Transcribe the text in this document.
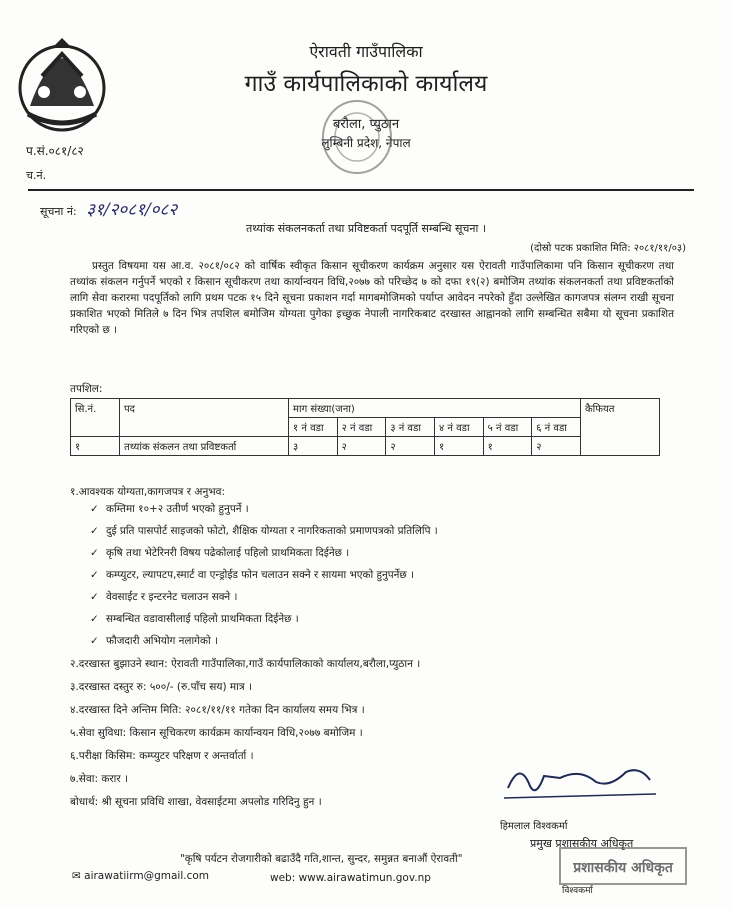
ऐरावती गाउँपालिका
गाउँ कार्यपालिकाको कार्यालय
बरौला, प्युठान
लुम्बिनी प्रदेश, नेपाल
प.सं.०८१/८२
च.नं.
सूचना नं: ३१/२०८१/०८२
तथ्यांक संकलनकर्ता तथा प्रविष्टकर्ता पदपूर्ति सम्बन्धि सूचना ।
(दोस्रो पटक प्रकाशित मिति: २०८१/११/०३)
प्रस्तुत विषयमा यस आ.व. २०८१/०८२ को वार्षिक स्वीकृत किसान सूचीकरण कार्यक्रम अनुसार यस ऐरावती गाउँपालिकामा पनि किसान सूचीकरण तथा तथ्यांक संकलन गर्नुपर्ने भएको र किसान सूचीकरण तथा कार्यान्वयन विधि,२०७७ को परिच्छेद ७ को दफा १९(२) बमोजिम तथ्यांक संकलनकर्ता तथा प्रविष्टकर्ताको लागि सेवा करारमा पदपूर्तिको लागि प्रथम पटक १५ दिने सूचना प्रकाशन गर्दा मागबमोजिमको पर्याप्त आवेदन नपरेको हुँदा उल्लेखित कागजपत्र संलग्न राखी सूचना प्रकाशित भएको मितिले ७ दिन भित्र तपशिल बमोजिम योग्यता पुगेका इच्छुक नेपाली नागरिकबाट दरखास्त आह्वानको लागि सम्बन्धित सबैमा यो सूचना प्रकाशित गरिएको छ ।
तपशिल:
सि.नं.	पद	माग संख्या(जना)						कैफियत
		१ नं वडा	२ नं वडा	३ नं वडा	४ नं वडा	५ नं वडा	६ नं वडा	
१	तथ्यांक संकलन तथा प्रविष्टकर्ता	३	२	२	१	१	२	
१.आवश्यक योग्यता,कागजपत्र र अनुभव:
✓ कम्तिमा १०+२ उतीर्ण भएको हुनुपर्ने ।
✓ दुई प्रति पासपोर्ट साइजको फोटो, शैक्षिक योग्यता र नागरिकताको प्रमाणपत्रको प्रतिलिपि ।
✓ कृषि तथा भेटेरिनरी विषय पढेकोलाई पहिलो प्राथमिकता दिईनेछ ।
✓ कम्प्युटर, ल्यापटप,स्मार्ट वा एन्ड्रोईड फोन चलाउन सक्ने र सायमा भएको हुनुपर्नेछ ।
✓ वेवसाईट र इन्टरनेट चलाउन सक्ने ।
✓ सम्बन्धित वडावासीलाई पहिलो प्राथमिकता दिईनेछ ।
✓ फौजदारी अभियोग नलागेको ।
२.दरखास्त बुझाउने स्थान: ऐरावती गाउँपालिका,गाउँ कार्यपालिकाको कार्यालय,बरौला,प्युठान ।
३.दरखास्त दस्तुर रु: ५००/- (रु.पाँच सय) मात्र ।
४.दरखास्त दिने अन्तिम मिति: २०८१/११/११ गतेका दिन कार्यालय समय भित्र ।
५.सेवा सुविधा: किसान सूचिकरण कार्यक्रम कार्यान्वयन विधि,२०७७ बमोजिम ।
६.परीक्षा किसिम: कम्प्युटर परिक्षण र अन्तर्वार्ता ।
७.सेवा: करार ।
बोधार्थ: श्री सूचना प्रविधि शाखा, वेवसाईटमा अपलोड गरिदिनु हुन ।
हिमलाल विश्वकर्मा
प्रमुख प्रशासकीय अधिकृत
प्रशासकीय अधिकृत
विश्वकर्मा
"कृषि पर्यटन रोजगारीको बढाउँदै गति,शान्त, सुन्दर, समुन्नत बनाऔं ऐरावती"
✉ airawatiirm@gmail.com	web: www.airawatimun.gov.np
